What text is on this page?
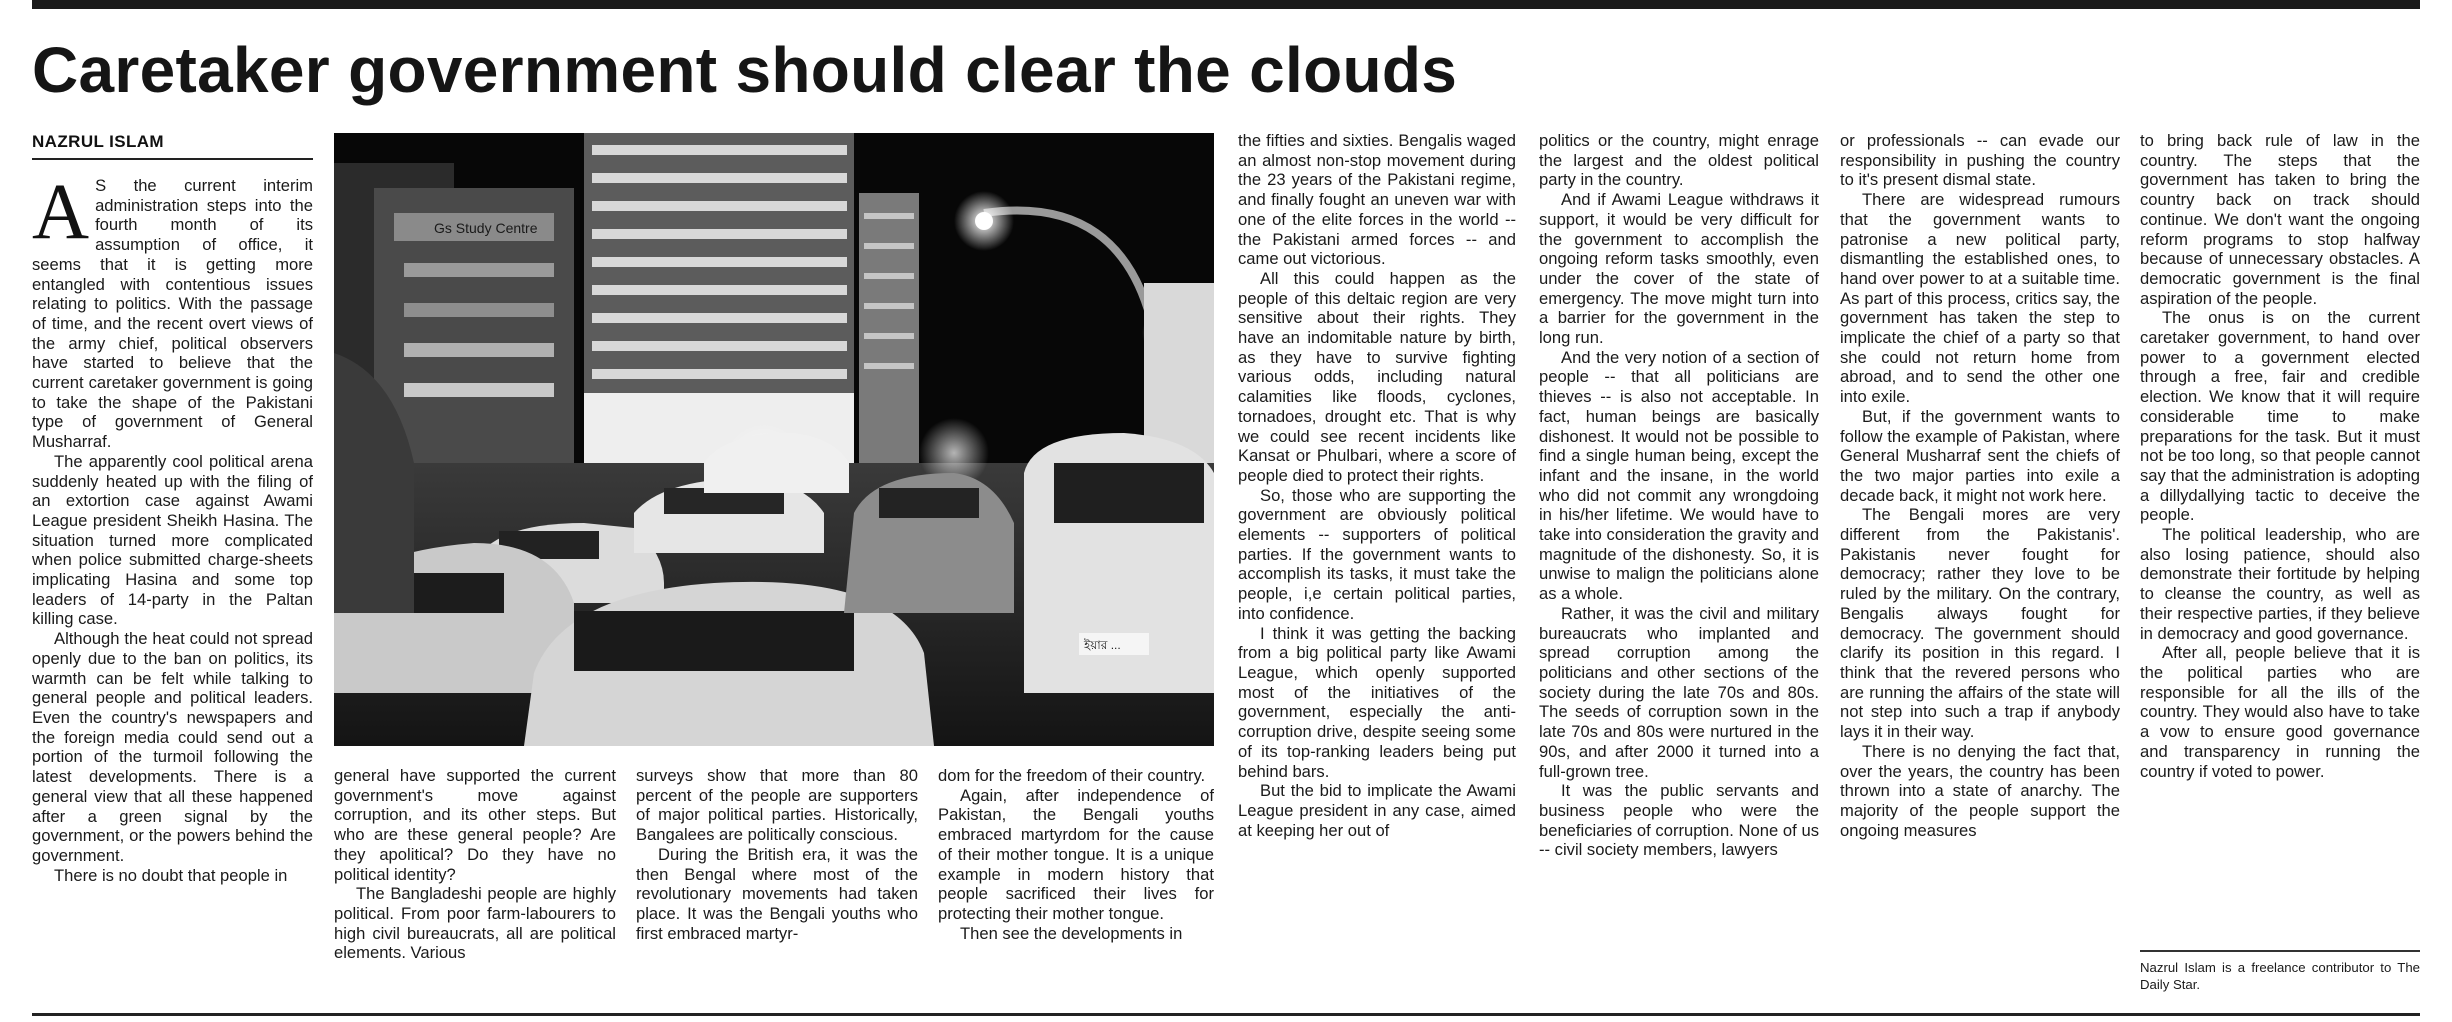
Caretaker government should clear the clouds
NAZRUL ISLAM

A S the current interim administration steps into the fourth month of its assumption of office, it seems that it is getting more entangled with contentious issues relating to politics. With the passage of time, and the recent overt views of the army chief, political observers have started to believe that the current caretaker government is going to take the shape of the Pakistani type of government of General Musharraf.

The apparently cool political arena suddenly heated up with the filing of an extortion case against Awami League president Sheikh Hasina. The situation turned more complicated when police submitted charge-sheets implicating Hasina and some top leaders of 14-party in the Paltan killing case.

Although the heat could not spread openly due to the ban on politics, its warmth can be felt while talking to general people and political leaders. Even the country's newspapers and the foreign media could send out a portion of the turmoil following the latest developments. There is a general view that all these happened after a green signal by the government, or the powers behind the government.

There is no doubt that people in

Gs Study Centre
ইয়ার ...

general have supported the current government's move against corruption, and its other steps. But who are these general people? Are they apolitical? Do they have no political identity?

The Bangladeshi people are highly political. From poor farm-labourers to high civil bureaucrats, all are political elements. Various

surveys show that more than 80 percent of the people are supporters of major political parties. Historically, Bangalees are politically conscious.

During the British era, it was the then Bengal where most of the revolutionary movements had taken place. It was the Bengali youths who first embraced martyr-

dom for the freedom of their country.

Again, after independence of Pakistan, the Bengali youths embraced martyrdom for the cause of their mother tongue. It is a unique example in modern history that people sacrificed their lives for protecting their mother tongue.

Then see the developments in

the fifties and sixties. Bengalis waged an almost non-stop movement during the 23 years of the Pakistani regime, and finally fought an uneven war with one of the elite forces in the world -- the Pakistani armed forces -- and came out victorious.

All this could happen as the people of this deltaic region are very sensitive about their rights. They have an indomitable nature by birth, as they have to survive fighting various odds, including natural calamities like floods, cyclones, tornadoes, drought etc. That is why we could see recent incidents like Kansat or Phulbari, where a score of people died to protect their rights.

So, those who are supporting the government are obviously political elements -- supporters of political parties. If the government wants to accomplish its tasks, it must take the people, i,e certain political parties, into confidence.

I think it was getting the backing from a big political party like Awami League, which openly supported most of the initiatives of the government, especially the anti-corruption drive, despite seeing some of its top-ranking leaders being put behind bars.

But the bid to implicate the Awami League president in any case, aimed at keeping her out of

politics or the country, might enrage the largest and the oldest political party in the country.

And if Awami League withdraws it support, it would be very difficult for the government to accomplish the ongoing reform tasks smoothly, even under the cover of the state of emergency. The move might turn into a barrier for the government in the long run.

And the very notion of a section of people -- that all politicians are thieves -- is also not acceptable. In fact, human beings are basically dishonest. It would not be possible to find a single human being, except the infant and the insane, in the world who did not commit any wrongdoing in his/her lifetime. We would have to take into consideration the gravity and magnitude of the dishonesty. So, it is unwise to malign the politicians alone as a whole.

Rather, it was the civil and military bureaucrats who implanted and spread corruption among the politicians and other sections of the society during the late 70s and 80s. The seeds of corruption sown in the late 70s and 80s were nurtured in the 90s, and after 2000 it turned into a full-grown tree.

It was the public servants and business people who were the beneficiaries of corruption. None of us -- civil society members, lawyers

or professionals -- can evade our responsibility in pushing the country to it's present dismal state.

There are widespread rumours that the government wants to patronise a new political party, dismantling the established ones, to hand over power to at a suitable time. As part of this process, critics say, the government has taken the step to implicate the chief of a party so that she could not return home from abroad, and to send the other one into exile.

But, if the government wants to follow the example of Pakistan, where General Musharraf sent the chiefs of the two major parties into exile a decade back, it might not work here.

The Bengali mores are very different from the Pakistanis'. Pakistanis never fought for democracy; rather they love to be ruled by the military. On the contrary, Bengalis always fought for democracy. The government should clarify its position in this regard. I think that the revered persons who are running the affairs of the state will not step into such a trap if anybody lays it in their way.

There is no denying the fact that, over the years, the country has been thrown into a state of anarchy. The majority of the people support the ongoing measures

to bring back rule of law in the country. The steps that the government has taken to bring the country back on track should continue. We don't want the ongoing reform programs to stop halfway because of unnecessary obstacles. A democratic government is the final aspiration of the people.

The onus is on the current caretaker government, to hand over power to a government elected through a free, fair and credible election. We know that it will require considerable time to make preparations for the task. But it must not be too long, so that people cannot say that the administration is adopting a dillydallying tactic to deceive the people.

The political leadership, who are also losing patience, should also demonstrate their fortitude by helping to cleanse the country, as well as their respective parties, if they believe in democracy and good governance.

After all, people believe that it is the political parties who are responsible for all the ills of the country. They would also have to take a vow to ensure good governance and transparency in running the country if voted to power.

Nazrul Islam is a freelance contributor to The Daily Star.
